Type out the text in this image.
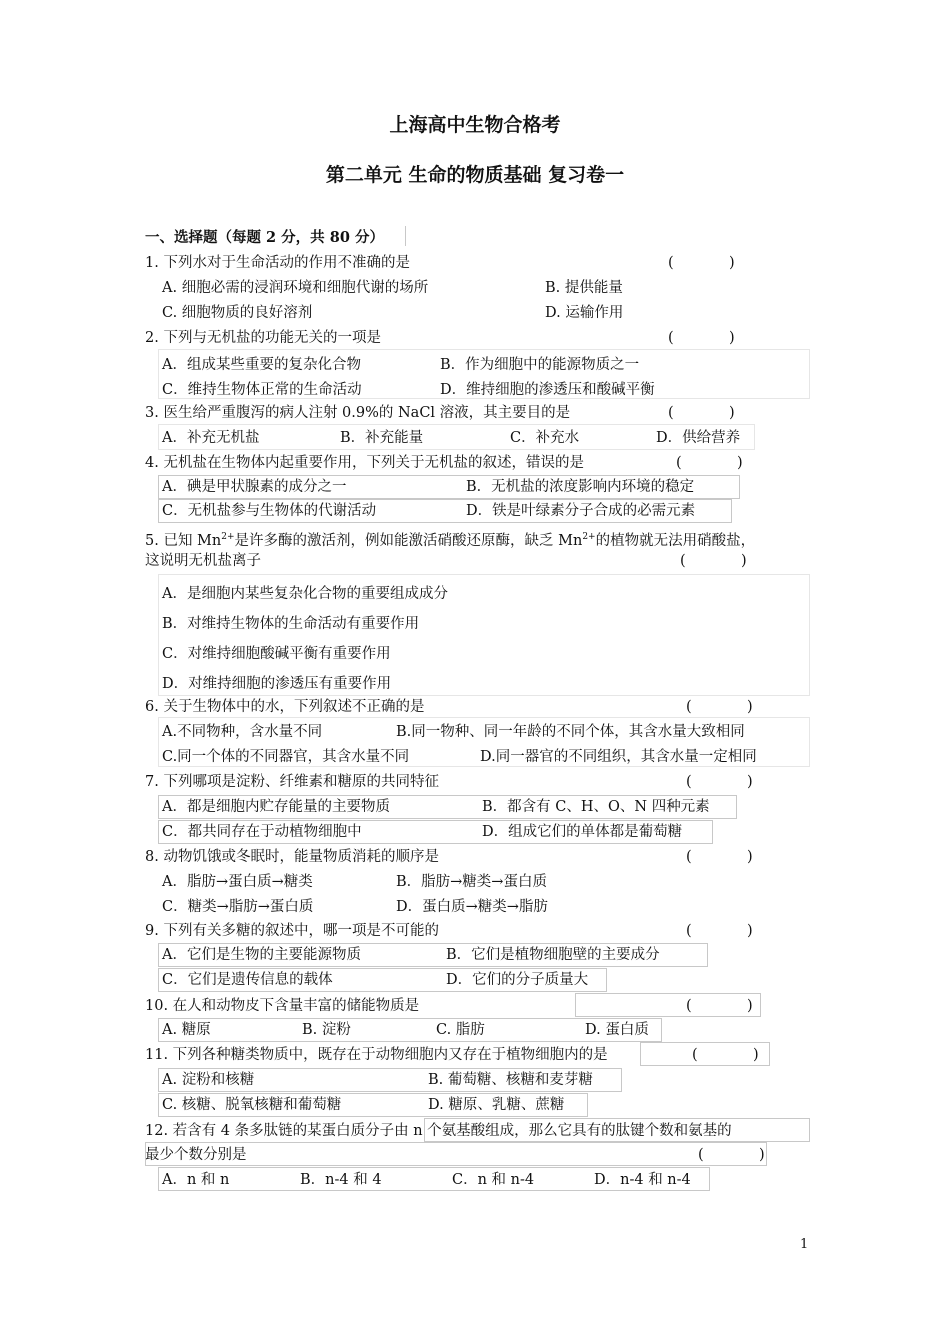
上海高中生物合格考
第二单元 生命的物质基础 复习卷一
一、选择题（每题 2 分，共 80 分）
1. 下列水对于生命活动的作用不准确的是	(            )
A. 细胞必需的浸润环境和细胞代谢的场所	B. 提供能量
C. 细胞物质的良好溶剂	D. 运输作用
2. 下列与无机盐的功能无关的一项是	(            )
A．组成某些重要的复杂化合物	B．作为细胞中的能源物质之一
C．维持生物体正常的生命活动	D．维持细胞的渗透压和酸碱平衡
3. 医生给严重腹泻的病人注射 0.9%的 NaCl 溶液，其主要目的是	(            )
A．补充无机盐	B．补充能量	C．补充水	D．供给营养
4. 无机盐在生物体内起重要作用，下列关于无机盐的叙述，错误的是	(            )
A．碘是甲状腺素的成分之一	B．无机盐的浓度影响内环境的稳定
C．无机盐参与生物体的代谢活动	D．铁是叶绿素分子合成的必需元素
5. 已知 $Mn^{2+}$是许多酶的激活剂，例如能激活硝酸还原酶，缺乏 $Mn^{2+}$的植物就无法用硝酸盐，
这说明无机盐离子	(            )
A．是细胞内某些复杂化合物的重要组成成分
B．对维持生物体的生命活动有重要作用
C．对维持细胞酸碱平衡有重要作用
D．对维持细胞的渗透压有重要作用
6. 关于生物体中的水，下列叙述不正确的是	(            )
A.不同物种，含水量不同	B.同一物种、同一年龄的不同个体，其含水量大致相同
C.同一个体的不同器官，其含水量不同	D.同一器官的不同组织，其含水量一定相同
7. 下列哪项是淀粉、纤维素和糖原的共同特征	(            )
A．都是细胞内贮存能量的主要物质	B．都含有 C、H、O、N 四种元素
C．都共同存在于动植物细胞中	D．组成它们的单体都是葡萄糖
8. 动物饥饿或冬眠时，能量物质消耗的顺序是	(            )
A．脂肪→蛋白质→糖类	B．脂肪→糖类→蛋白质
C．糖类→脂肪→蛋白质	D．蛋白质→糖类→脂肪
9. 下列有关多糖的叙述中，哪一项是不可能的	(            )
A．它们是生物的主要能源物质	B．它们是植物细胞壁的主要成分
C．它们是遗传信息的载体	D．它们的分子质量大
10. 在人和动物皮下含量丰富的储能物质是	(            )
A. 糖原	B. 淀粉	C. 脂肪	D. 蛋白质
11. 下列各种糖类物质中，既存在于动物细胞内又存在于植物细胞内的是	(            )
A. 淀粉和核糖	B. 葡萄糖、核糖和麦芽糖
C. 核糖、脱氧核糖和葡萄糖	D. 糖原、乳糖、蔗糖
12. 若含有 4 条多肽链的某蛋白质分子由 n 个氨基酸组成，那么它具有的肽键个数和氨基的
最少个数分别是	(            )
A．n 和 n	B．n-4 和 4	C．n 和 n-4	D．n-4 和 n-4
1
